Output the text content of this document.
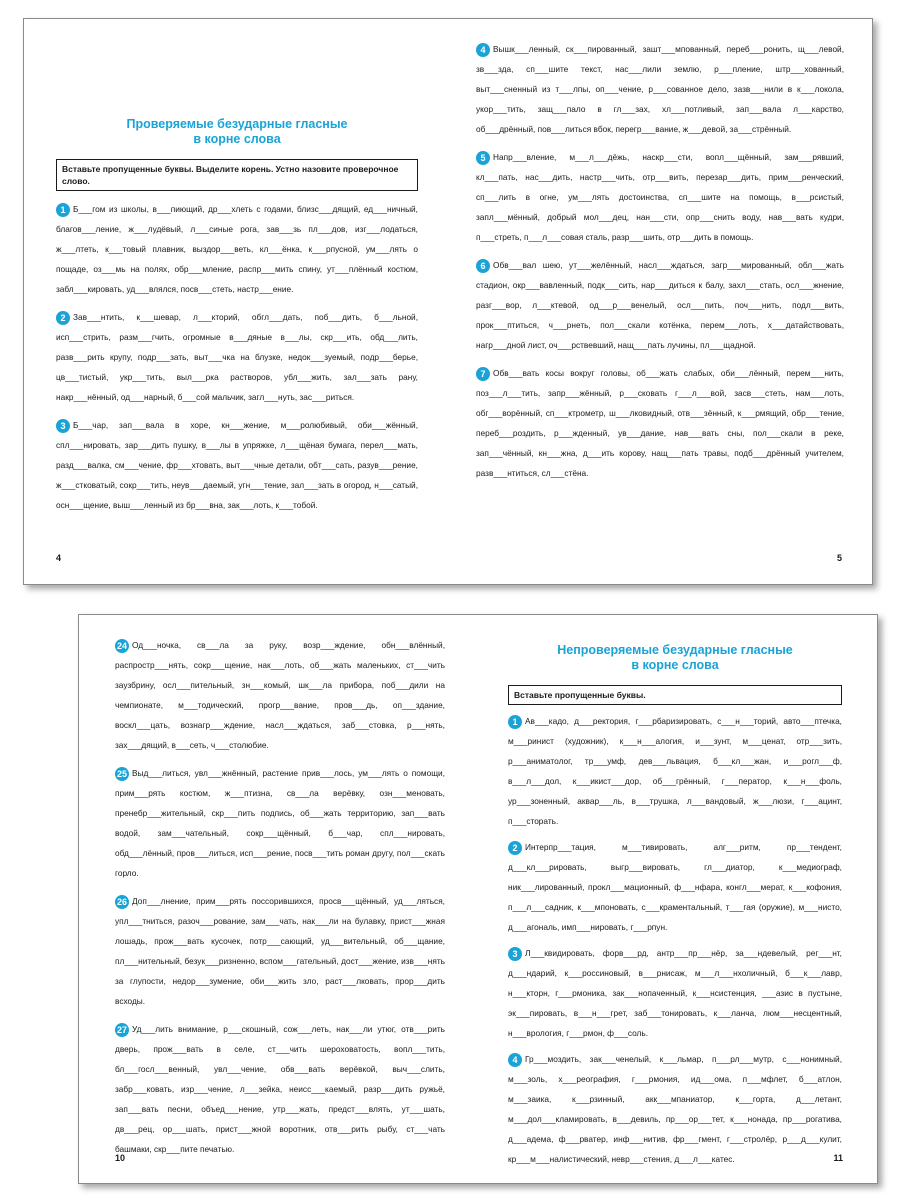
Проверяемые безударные гласные
в корне слова
Вставьте пропущенные буквы. Выделите корень. Устно назовите проверочное слово.
1 Б___гом из школы, в___пиющий, др___хлеть с годами, близс___дящий, ед___ничный, благов___ление, ж___лудёвый, л___синые рога, зав___зь пл___дов, изг___лодаться, ж___лтеть, к___товый плавник, выздор___веть, кл___ёнка, к___рпусной, ум___лять о пощаде, оз___мь на полях, обр___мление, распр___мить спину, ут___плённый костюм, забл___кировать, уд___влялся, посв___стеть, настр___ение.
2 Зав___нтить, к___шевар, л___кторий, обгл___дать, поб___дить, б___льной, исп___стрить, разм___гчить, огромные в___дяные в___лы, скр___ить, обд___лить, разв___рить крупу, подр___зать, выт___чка на блузке, недок___зуемый, подр___берье, цв___тистый, укр___тить, выл___рка растворов, убл___жить, зал___зать рану, накр___нённый, од___нарный, б___сой мальчик, загл___нуть, зас___риться.
3 Б___чар, зап___вала в хоре, кн___жение, м___ролюбивый, оби___жённый, спл___нировать, зар___дить пушку, в___лы в упряжке, л___щёная бумага, перел___мать, разд___валка, см___чение, фр___хтовать, выт___чные детали, обт___сать, разув___рение, ж___стковатый, сокр___тить, неув___даемый, угн___тение, зал___зать в огород, н___сатый, осн___щение, выш___ленный из бр___вна, зак___лоть, к___тобой.
4
4 Вышк___ленный, ск___пированный, зашт___мпованный, переб___ронить, щ___левой, зв___зда, сп___шите текст, нас___лили землю, р___пление, штр___хованный, выт___сненный из т___лпы, оп___чение, р___сованное дело, зазв___нили в к___локола, укор___тить, защ___пало в гл___зах, хл___потливый, зап___вала л___карство, об___дрённый, пов___литься вбок, перегр___вание, ж___девой, за___стрённый.
5 Напр___вление, м___л___дёжь, наскр___сти, вопл___щённый, зам___рявший, кл___пать, нас___дить, настр___чить, отр___вить, перезар___дить, прим___ренческий, сп___лить в огне, ум___лять достоинства, сп___шите на помощь, в___рсистый, запл___мённый, добрый мол___дец, нан___сти, опр___снить воду, нав___вать кудри, п___стреть, п___л___совая сталь, разр___шить, отр___дить в помощь.
6 Обв___вал шею, ут___желённый, насл___ждаться, загр___мированный, обл___жать стадион, окр___вавленный, подк___сить, нар___диться к балу, захл___стать, осл___жнение, разг___вор, л___ктевой, од___р___венелый, осл___пить, поч___нить, подл___вить, прок___птиться, ч___рнеть, пол___скали котёнка, перем___лоть, х___датайствовать, нагр___дной лист, оч___рствевший, нащ___пать лучины, пл___щадной.
7 Обв___вать косы вокруг головы, об___жать слабых, оби___лённый, перем___нить, поз___л___тить, запр___жённый, р___сковать г___л___вой, засв___стеть, нам___лоть, обг___ворённый, сп___ктрометр, ш___лковидный, отв___зённый, к___рмящий, обр___тение, переб___роздить, р___жденный, ув___дание, нав___вать сны, пол___скали в реке, зап___чённый, кн___жна, д___ить корову, нащ___пать травы, подб___дрённый учителем, разв___нтиться, сл___стёна.
5
24 Од___ночка, св___ла за руку, возр___ждение, обн___влённый, распростр___нять, сокр___щение, нак___лоть, об___жать маленьких, ст___чить заузбрину, осл___пительный, зн___комый, шк___ла прибора, поб___дили на чемпионате, м___тодический, прогр___вание, пров___дь, оп___здание, воскл___цать, вознагр___ждение, насл___ждаться, заб___стовка, р___нять, зах___дящий, в___сеть, ч___столюбие.
25 Выд___литься, увл___жнённый, растение прив___лось, ум___лять о помощи, прим___рять костюм, ж___птизна, св___ла верёвку, озн___меновать, пренебр___жительный, скр___пить подпись, об___жать территорию, зап___вать водой, зам___чательный, сокр___щённый, б___чар, спл___нировать, обд___лённый, пров___литься, исп___рение, посв___тить роман другу, пол___скать горло.
26 Доп___лнение, прим___рять поссорившихся, просв___щённый, уд___ляться, упл___тниться, разоч___рование, зам___чать, нак___ли на булавку, прист___жная лошадь, прож___вать кусочек, потр___сающий, уд___вительный, об___щание, пл___нительный, безук___ризненно, вспом___гательный, дост___жение, изв___нять за глупости, недор___зумение, оби___жить зло, раст___лковать, прор___дить всходы.
27 Уд___лить внимание, р___скошный, сож___леть, нак___ли утюг, отв___рить дверь, прож___вать в селе, ст___чить шероховатость, вопл___тить, бл___госл___венный, увл___чение, обв___вать верёвкой, выч___слить, забр___ковать, изр___чение, л___зейка, неисс___каемый, разр___дить ружьё, зап___вать песни, объед___нение, утр___жать, предст___влять, ут___шать, дв___рец, ор___шать, прист___жной воротник, отв___рить рыбу, ст___чать башмаки, скр___пите печатью.
10
Непроверяемые безударные гласные
в корне слова
Вставьте пропущенные буквы.
1 Ав___кадо, д___ректория, г___рбаризировать, с___н___торий, авто___птечка, м___ринист (художник), к___н___алогия, и___зунт, м___ценат, отр___зить, р___аниматолог, тр___умф, дев___львация, б___кл___жан, и___рогл___ф, в___л___дол, к___икист___дор, об___грённый, г___ператор, к___н___фоль, ур___зоненный, аквар___ль, в___трушка, л___вандовый, ж___люзи, г___ацинт, п___сторать.
2 Интерпр___тация, м___тивировать, алг___ритм, пр___тендент, д___кл___рировать, выгр___вировать, гл___диатор, к___медиограф, ник___лированный, прокл___мационный, ф___нфара, конгл___мерат, к___кофония, п___л___садник, к___мпоновать, с___краментальный, т___гая (оружие), м___нисто, д___агональ, имп___нировать, г___рпун.
3 Л___квидировать, форв___рд, антр___пр___нёр, за___ндевелый, рег___нт, д___ндарий, к___россиновый, в___рнисаж, м___л___нхоличный, б___к___лавр, н___кторн, г___рмоника, зак___нопаченный, к___нсистенция, ___азис в пустыне, эк___пировать, в___н___грет, заб___тонировать, к___ланча, люм___несцентный, н___врология, г___рмон, ф___соль.
4 Гр___моздить, зак___ченелый, к___льмар, п___рл___мутр, с___нонимный, м___золь, х___реография, г___рмония, ид___ома, п___мфлет, б___атлон, м___заика, к___рзинный, акк___мпаниатор, к___горта, д___летант, м___дол___кламировать, в___девиль, пр___ор___тет, к___нонада, пр___рогатива, д___адема, ф___рватер, инф___нитив, фр___гмент, г___стролёр, р___д___кулит, кр___м___налистический, невр___стения, д___л___катес.	11
